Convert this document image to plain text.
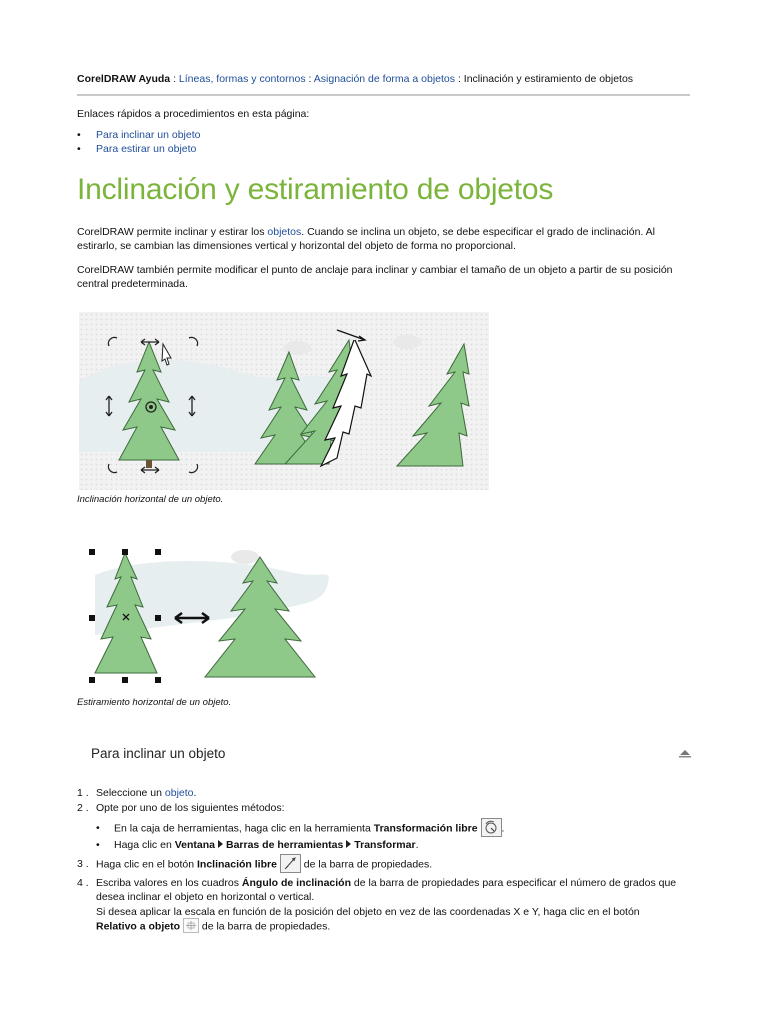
CorelDRAW Ayuda : Líneas, formas y contornos : Asignación de forma a objetos : Inclinación y estiramiento de objetos
Enlaces rápidos a procedimientos en esta página:
• Para inclinar un objeto
• Para estirar un objeto
Inclinación y estiramiento de objetos
CorelDRAW permite inclinar y estirar los objetos. Cuando se inclina un objeto, se debe especificar el grado de inclinación. Al estirarlo, se cambian las dimensiones vertical y horizontal del objeto de forma no proporcional.
CorelDRAW también permite modificar el punto de anclaje para inclinar y cambiar el tamaño de un objeto a partir de su posición central predeterminada.
Inclinación horizontal de un objeto.
Estiramiento horizontal de un objeto.
Para inclinar un objeto
1 . Seleccione un objeto.
2 . Opte por uno de los siguientes métodos:
• En la caja de herramientas, haga clic en la herramienta Transformación libre .
• Haga clic en Ventana Barras de herramientas Transformar.
3 . Haga clic en el botón Inclinación libre  de la barra de propiedades.
4 . Escriba valores en los cuadros Ángulo de inclinación de la barra de propiedades para especificar el número de grados que
desea inclinar el objeto en horizontal o vertical.
Si desea aplicar la escala en función de la posición del objeto en vez de las coordenadas X e Y, haga clic en el botón
Relativo a objeto  de la barra de propiedades.
